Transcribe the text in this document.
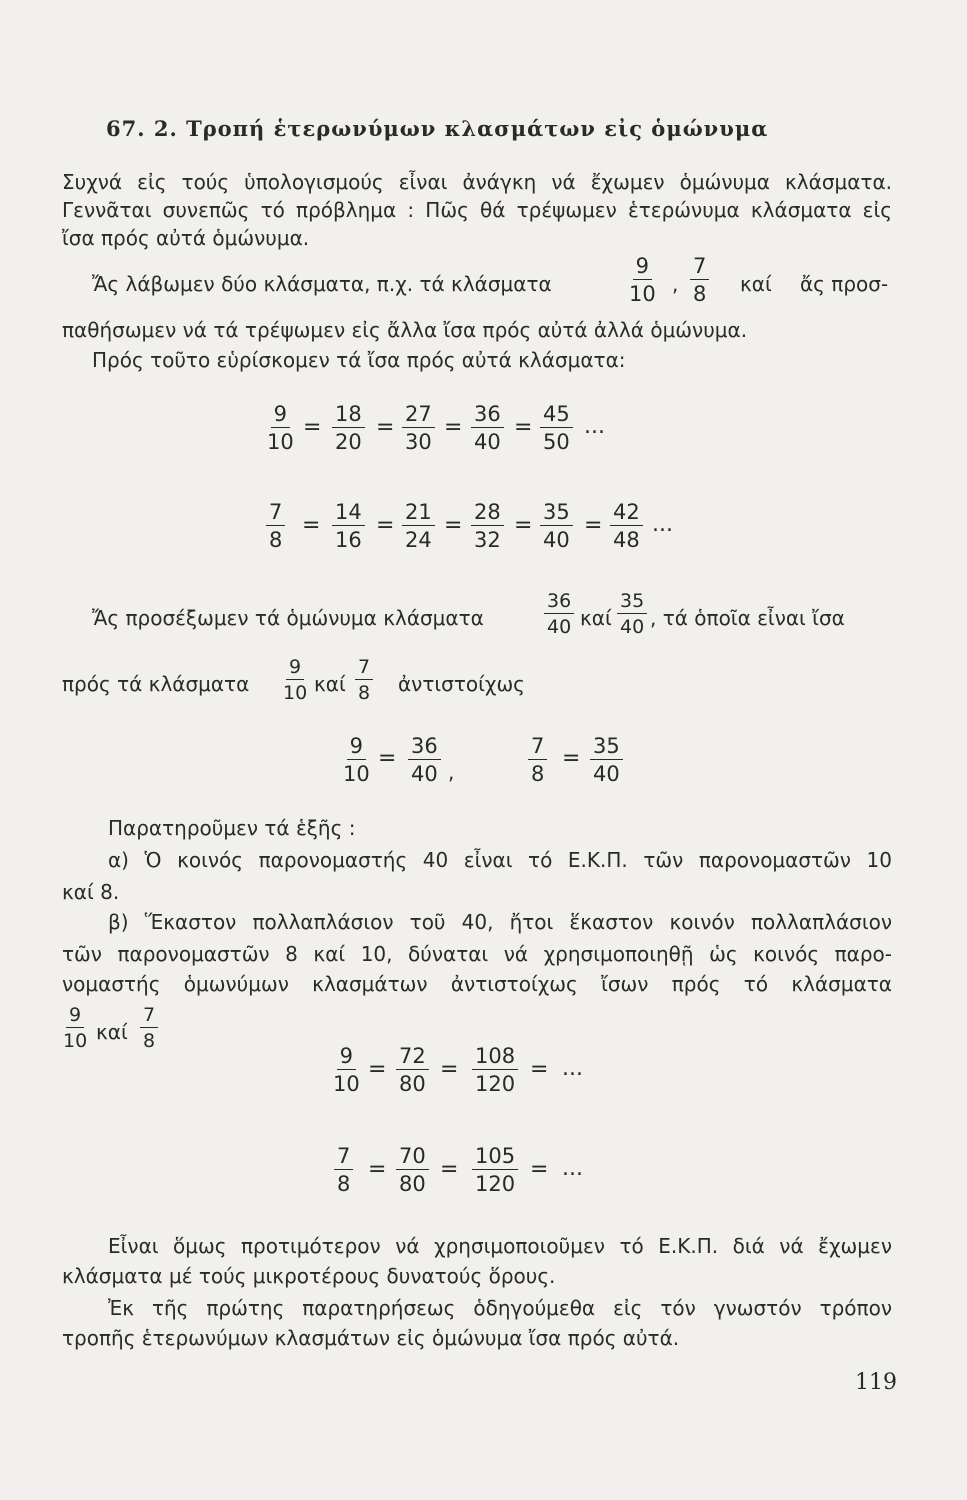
67. 2. Τροπή ἑτερωνύμων κλασμάτων εἰς ὁμώνυμα
Συχνά εἰς τούς ὑπολογισμούς εἶναι ἀνάγκη νά ἔχωμεν ὁμώνυμα κλάσματα.
Γεννᾶται συνεπῶς τό πρόβλημα : Πῶς θά τρέψωμεν ἑτερώνυμα κλάσματα εἰς
ἴσα πρός αὐτά ὁμώνυμα.
Ἄς λάβωμεν δύο κλάσματα, π.χ. τά κλάσματα	$\frac{9}{10}$ , $\frac{7}{8}$ καί ἄς προσ-
παθήσωμεν νά τά τρέψωμεν εἰς ἄλλα ἴσα πρός αὐτά ἀλλά ὁμώνυμα.
Πρός τοῦτο εὑρίσκομεν τά ἴσα πρός αὐτά κλάσματα:
$\frac{9}{10} = \frac{18}{20} = \frac{27}{30} = \frac{36}{40} = \frac{45}{50}$ ...
$\frac{7}{8} = \frac{14}{16} = \frac{21}{24} = \frac{28}{32} = \frac{35}{40} = \frac{42}{48}$ ...
Ἄς προσέξωμεν τά ὁμώνυμα κλάσματα	$\frac{36}{40}$ καί $\frac{35}{40}$ , τά ὁποῖα εἶναι ἴσα
πρός τά κλάσματα $\frac{9}{10}$ καί $\frac{7}{8}$ ἀντιστοίχως
$\frac{9}{10} = \frac{36}{40}$ ,	$\frac{7}{8} = \frac{35}{40}$
Παρατηροῦμεν τά ἑξῆς :
α) Ὁ κοινός παρονομαστής 40 εἶναι τό Ε.Κ.Π. τῶν παρονομαστῶν 10
καί 8.
β) Ἕκαστον πολλαπλάσιον τοῦ 40, ἤτοι ἕκαστον κοινόν πολλαπλάσιον
τῶν παρονομαστῶν 8 καί 10, δύναται νά χρησιμοποιηθῇ ὡς κοινός παρο-
νομαστής ὁμωνύμων κλασμάτων ἀντιστοίχως ἴσων πρός τό κλάσματα
$\frac{9}{10}$ καί $\frac{7}{8}$
$\frac{9}{10} = \frac{72}{80} = \frac{108}{120}$ = ...
$\frac{7}{8} = \frac{70}{80} = \frac{105}{120}$ = ...
Εἶναι ὅμως προτιμότερον νά χρησιμοποιοῦμεν τό Ε.Κ.Π. διά νά ἔχωμεν
κλάσματα μέ τούς μικροτέρους δυνατούς ὅρους.
Ἐκ τῆς πρώτης παρατηρήσεως ὁδηγούμεθα εἰς τόν γνωστόν τρόπον
τροπῆς ἑτερωνύμων κλασμάτων εἰς ὁμώνυμα ἴσα πρός αὐτά.
119
